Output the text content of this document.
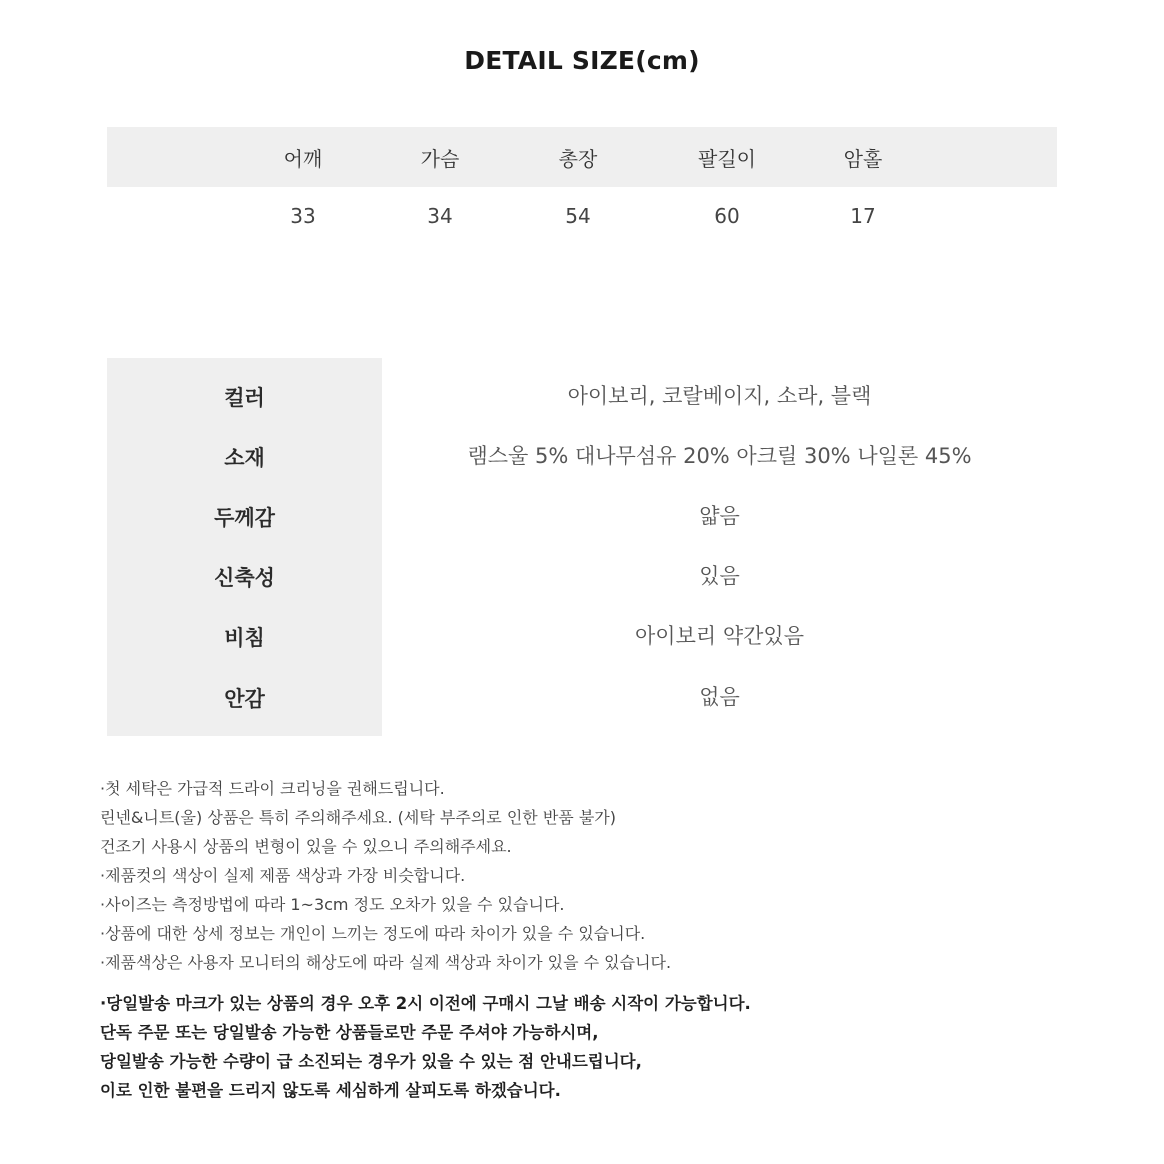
DETAIL SIZE(cm)
어깨	가슴	총장	팔길이	암홀
33	34	54	60	17
컬러	아이보리, 코랄베이지, 소라, 블랙
소재	램스울 5% 대나무섬유 20% 아크릴 30% 나일론 45%
두께감	얇음
신축성	있음
비침	아이보리 약간있음
안감	없음
·첫 세탁은 가급적 드라이 크리닝을 권해드립니다.
린넨&니트(울) 상품은 특히 주의해주세요. (세탁 부주의로 인한 반품 불가)
건조기 사용시 상품의 변형이 있을 수 있으니 주의해주세요.
·제품컷의 색상이 실제 제품 색상과 가장 비슷합니다.
·사이즈는 측정방법에 따라 1~3cm 정도 오차가 있을 수 있습니다.
·상품에 대한 상세 정보는 개인이 느끼는 정도에 따라 차이가 있을 수 있습니다.
·제품색상은 사용자 모니터의 해상도에 따라 실제 색상과 차이가 있을 수 있습니다.
·당일발송 마크가 있는 상품의 경우 오후 2시 이전에 구매시 그날 배송 시작이 가능합니다.
단독 주문 또는 당일발송 가능한 상품들로만 주문 주셔야 가능하시며,
당일발송 가능한 수량이 급 소진되는 경우가 있을 수 있는 점 안내드립니다,
이로 인한 불편을 드리지 않도록 세심하게 살피도록 하겠습니다.
